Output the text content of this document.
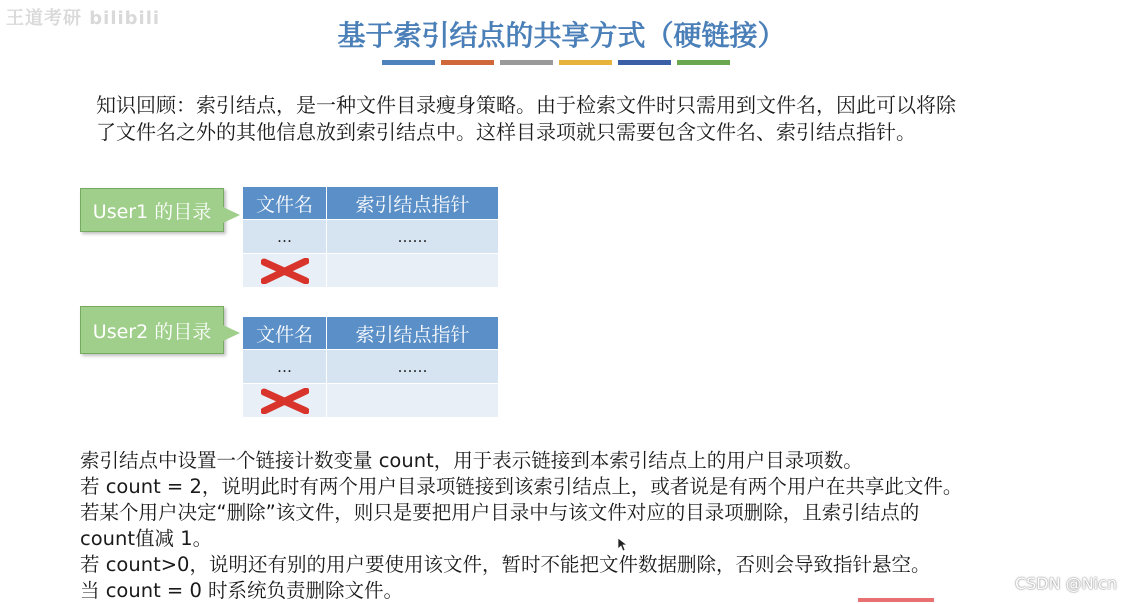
王道考研 bilibili
基于索引结点的共享方式（硬链接）
知识回顾：索引结点，是一种文件目录瘦身策略。由于检索文件时只需用到文件名，因此可以将除
了文件名之外的其他信息放到索引结点中。这样目录项就只需要包含文件名、索引结点指针。
User1 的目录	文件名	索引结点指针
…	……

User2 的目录	文件名	索引结点指针
…	……

索引结点中设置一个链接计数变量 count，用于表示链接到本索引结点上的用户目录项数。
若 count = 2，说明此时有两个用户目录项链接到该索引结点上，或者说是有两个用户在共享此文件。
若某个用户决定“删除”该文件，则只是要把用户目录中与该文件对应的目录项删除，且索引结点的
count值减 1。
若 count>0，说明还有别的用户要使用该文件，暂时不能把文件数据删除，否则会导致指针悬空。
当 count = 0 时系统负责删除文件。	CSDN @Nicn
